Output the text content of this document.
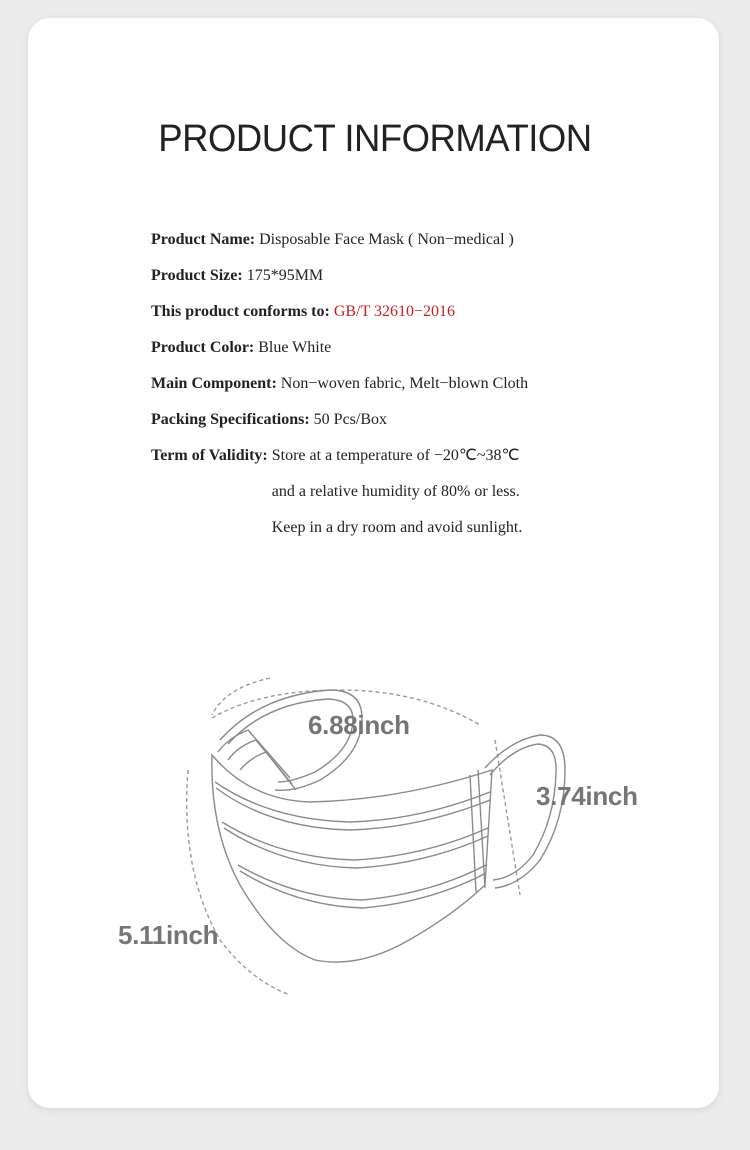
PRODUCT INFORMATION
Product Name: Disposable Face Mask ( Non−medical )
Product Size: 175*95MM
This product conforms to: GB/T 32610−2016
Product Color: Blue White
Main Component: Non−woven fabric, Melt−blown Cloth
Packing Specifications: 50 Pcs/Box
Term of Validity: Store at a temperature of −20℃~38℃
and a relative humidity of 80% or less.
Keep in a dry room and avoid sunlight.
6.88inch
3.74inch
5.11inch
